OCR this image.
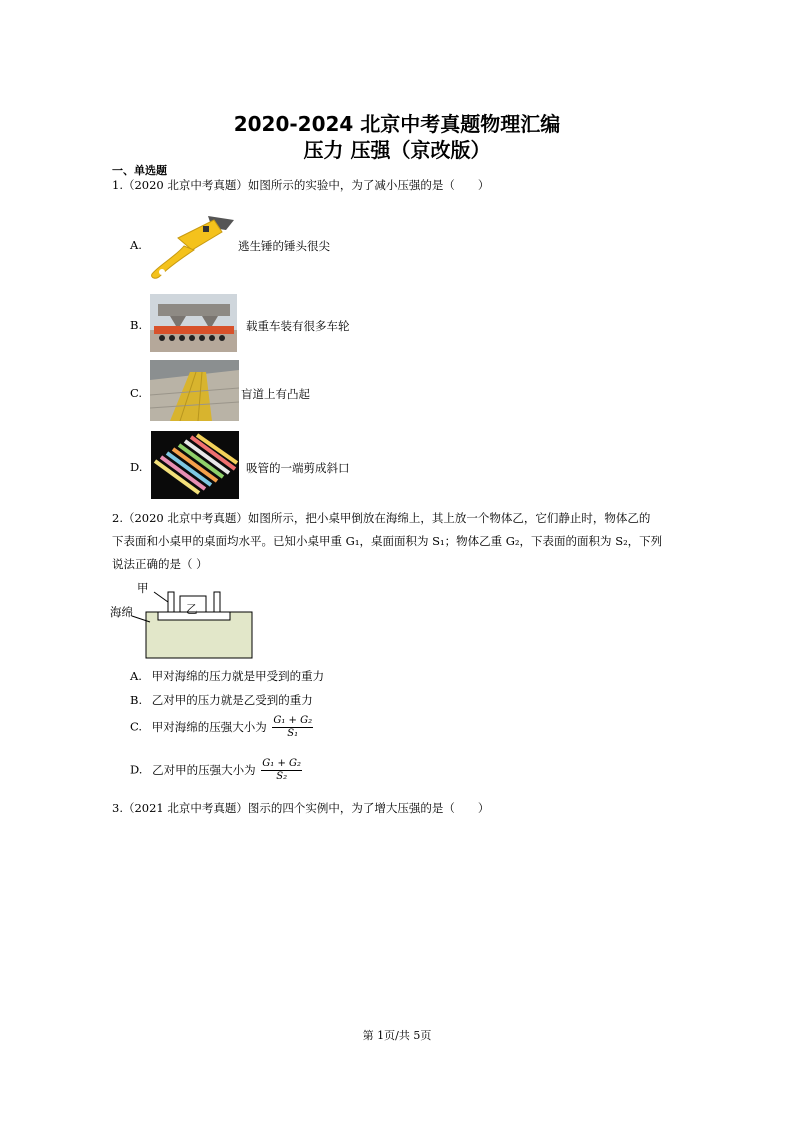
2020-2024 北京中考真题物理汇编
压力 压强（京改版）
一、单选题
1.（2020 北京中考真题）如图所示的实验中，为了减小压强的是（　　）
A.	逃生锤的锤头很尖
B.	载重车装有很多车轮
C.	盲道上有凸起
D.	吸管的一端剪成斜口
2.（2020 北京中考真题）如图所示，把小桌甲倒放在海绵上，其上放一个物体乙，它们静止时，物体乙的
下表面和小桌甲的桌面均水平。已知小桌甲重 G₁，桌面面积为 S₁；物体乙重 G₂，下表面的面积为 S₂，下列
说法正确的是（ ）
甲
乙
海绵
A. 甲对海绵的压力就是甲受到的重力
B. 乙对甲的压力就是乙受到的重力
C. 甲对海绵的压强大小为 $\frac{\text{G₁ + G₂}}{\text{S₁}}$
D. 乙对甲的压强大小为 $\frac{\text{G₁ + G₂}}{\text{S₂}}$
3.（2021 北京中考真题）图示的四个实例中，为了增大压强的是（　　）
第 1页/共 5页
